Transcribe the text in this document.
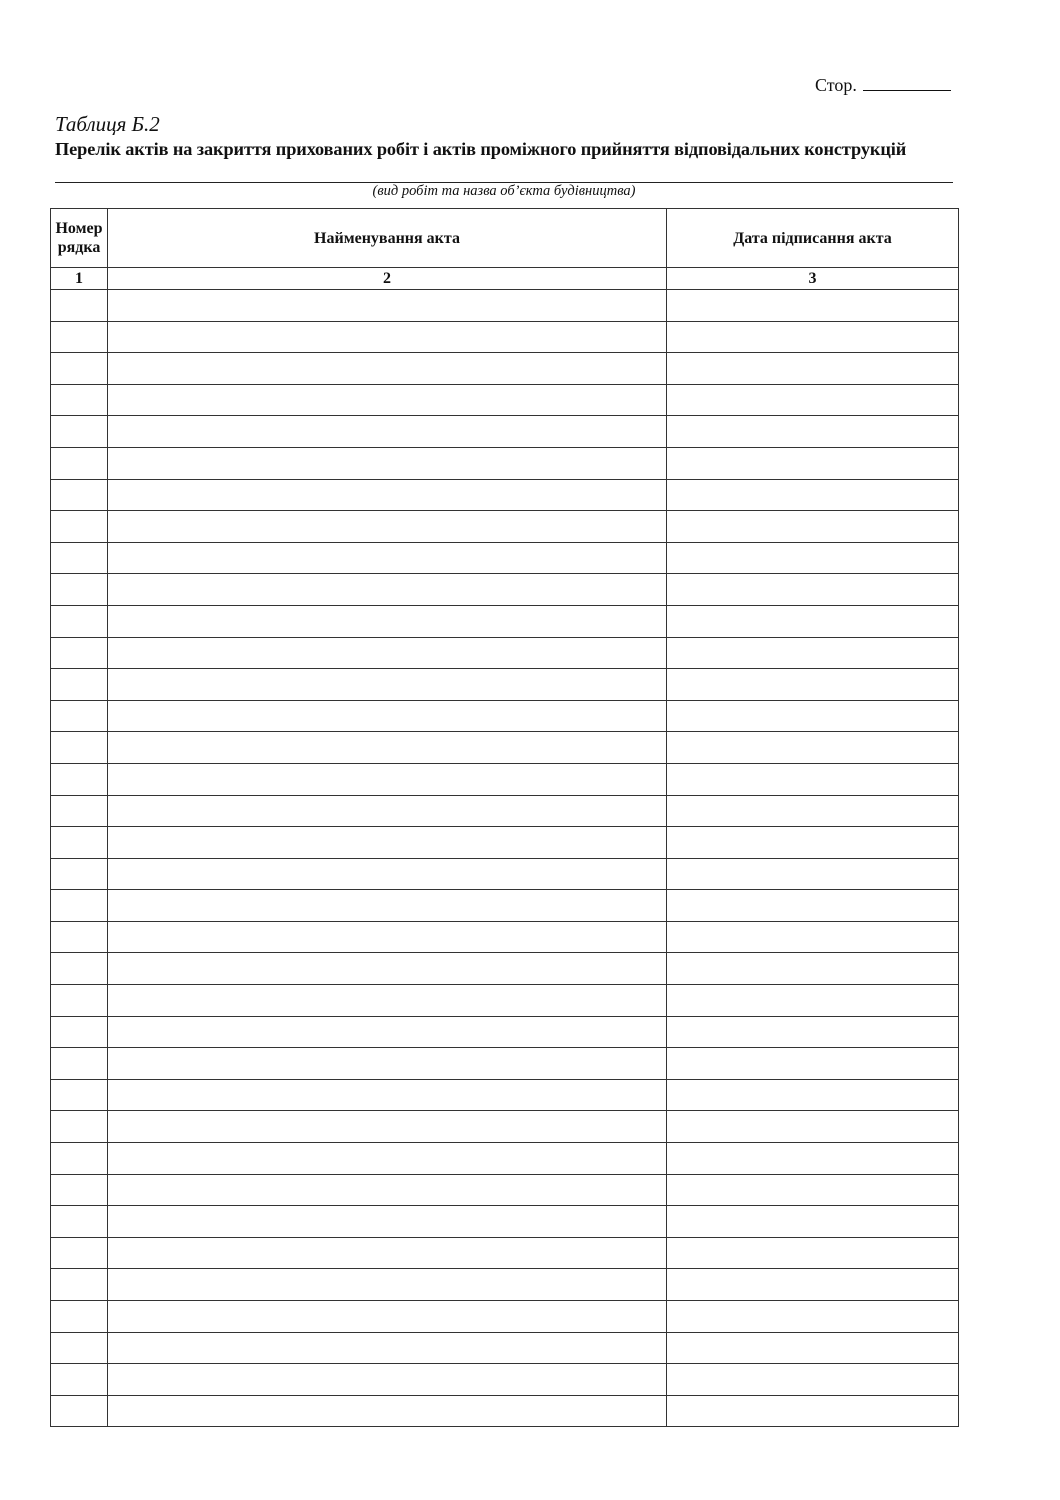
Стор.
Таблиця Б.2
Перелік актів на закриття прихованих робіт і актів проміжного прийняття відповідальних конструкцій
(вид робіт та назва об’єкта будівництва)
Номер рядка	Найменування акта	Дата підписання акта
1	2	3
